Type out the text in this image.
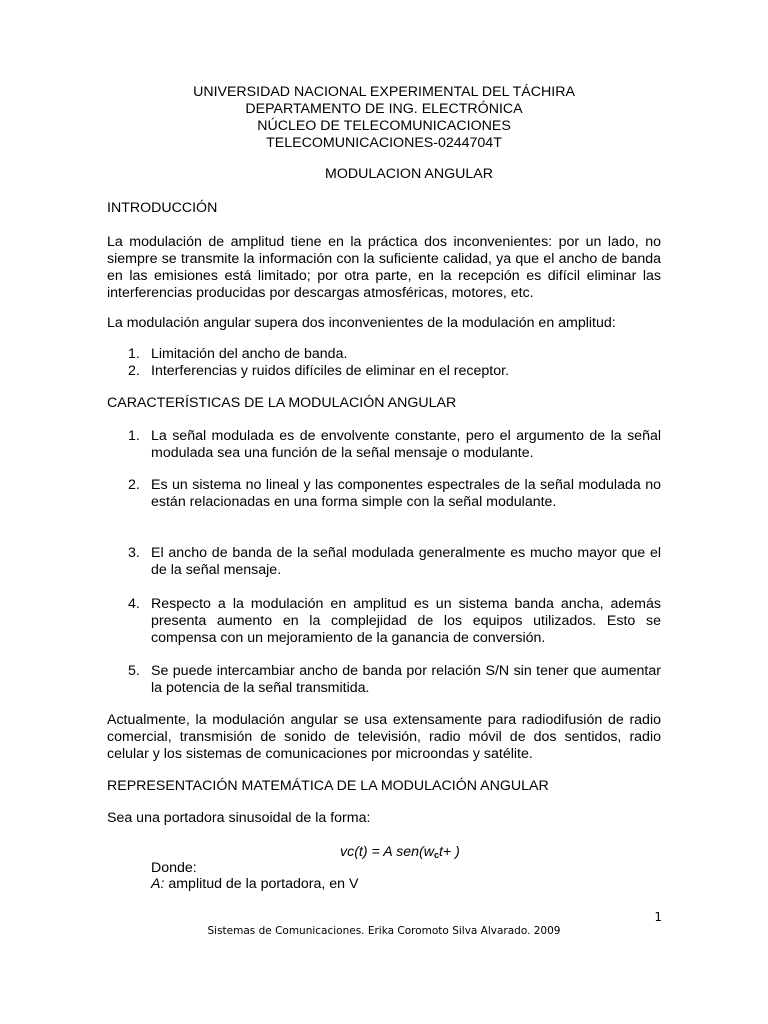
UNIVERSIDAD NACIONAL EXPERIMENTAL DEL TÁCHIRA
DEPARTAMENTO DE ING. ELECTRÓNICA
NÚCLEO DE TELECOMUNICACIONES
TELECOMUNICACIONES-0244704T
MODULACION ANGULAR
INTRODUCCIÓN
La modulación de amplitud tiene en la práctica dos inconvenientes: por un lado, no siempre se transmite la información con la suficiente calidad, ya que el ancho de banda en las emisiones está limitado; por otra parte, en la recepción es difícil eliminar las interferencias producidas por descargas atmosféricas, motores, etc.
La modulación angular supera dos inconvenientes de la modulación en amplitud:
1. Limitación del ancho de banda.
2. Interferencias y ruidos difíciles de eliminar en el receptor.
CARACTERÍSTICAS DE LA MODULACIÓN ANGULAR
1. La señal modulada es de envolvente constante, pero el argumento de la señal modulada sea una función de la señal mensaje o modulante.
2. Es un sistema no lineal y las componentes espectrales de la señal modulada no están relacionadas en una forma simple con la señal modulante.
3. El ancho de banda de la señal modulada generalmente es mucho mayor que el de la señal mensaje.
4. Respecto a la modulación en amplitud es un sistema banda ancha, además presenta aumento en la complejidad de los equipos utilizados. Esto se compensa con un mejoramiento de la ganancia de conversión.
5. Se puede intercambiar ancho de banda por relación S/N sin tener que aumentar la potencia de la señal transmitida.
Actualmente, la modulación angular se usa extensamente para radiodifusión de radio comercial, transmisión de sonido de televisión, radio móvil de dos sentidos, radio celular y los sistemas de comunicaciones por microondas y satélite.
REPRESENTACIÓN MATEMÁTICA DE LA MODULACIÓN ANGULAR
Sea una portadora sinusoidal de la forma:
vc(t) = A $sen(w_ct+$ )
Donde:
A: amplitud de la portadora, en V
1
Sistemas de Comunicaciones. Erika Coromoto Silva Alvarado. 2009
